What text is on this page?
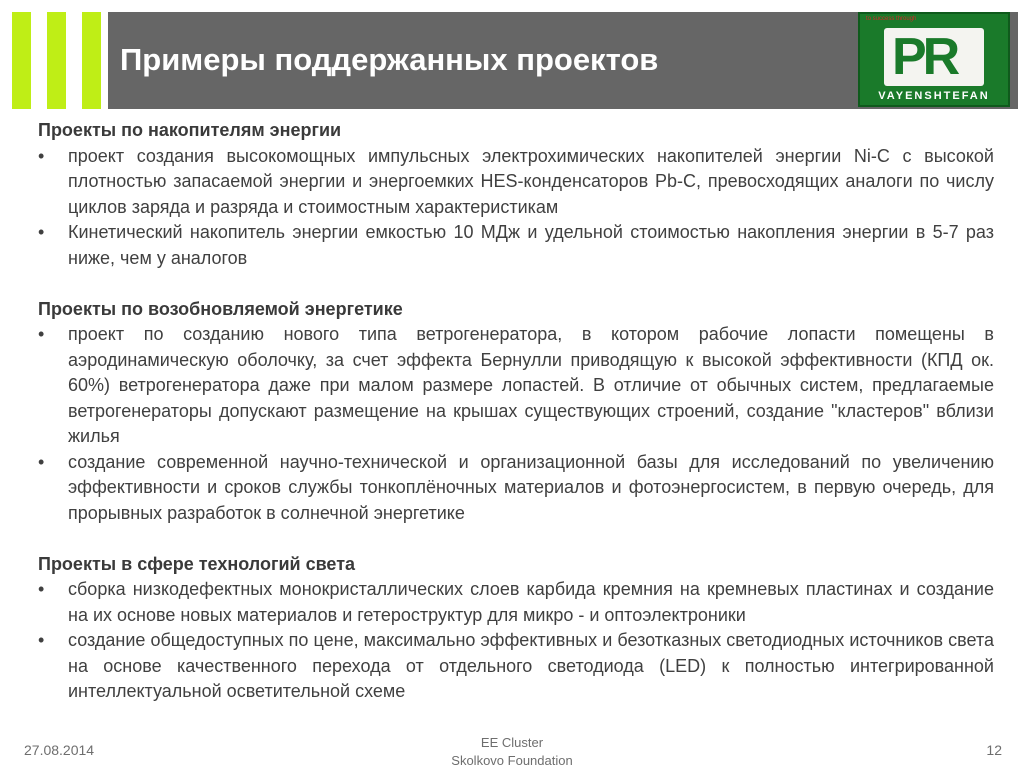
Примеры поддержанных проектов
to success through
PR
VAYENSHTEFAN
Проекты по накопителям энергии
• проект создания высокомощных импульсных электрохимических накопителей энергии Ni-C с высокой плотностью запасаемой энергии и энергоемких HES-конденсаторов Pb-C, превосходящих аналоги по числу циклов заряда и разряда и стоимостным характеристикам
• Кинетический накопитель энергии емкостью 10 МДж и удельной стоимостью накопления энергии в 5-7 раз ниже, чем у аналогов
Проекты по возобновляемой энергетике
• проект по созданию нового типа ветрогенератора, в котором рабочие лопасти помещены в аэродинамическую оболочку, за счет эффекта Бернулли приводящую к высокой эффективности (КПД ок. 60%) ветрогенератора даже при малом размере лопастей. В отличие от обычных систем, предлагаемые ветрогенераторы допускают размещение на крышах существующих строений, создание "кластеров" вблизи жилья
• создание современной научно-технической и организационной базы для исследований по увеличению эффективности и сроков службы тонкоплёночных материалов и фотоэнергосистем, в первую очередь, для прорывных разработок в солнечной энергетике
Проекты в сфере технологий света
• сборка низкодефектных монокристаллических слоев карбида кремния на кремневых пластинах и создание на их основе новых материалов и гетероструктур для микро - и оптоэлектроники
• создание общедоступных по цене, максимально эффективных и безотказных светодиодных источников света на основе качественного перехода от отдельного светодиода (LED) к полностью интегрированной интеллектуальной осветительной схеме
27.08.2014	EE Cluster
Skolkovo Foundation
12
